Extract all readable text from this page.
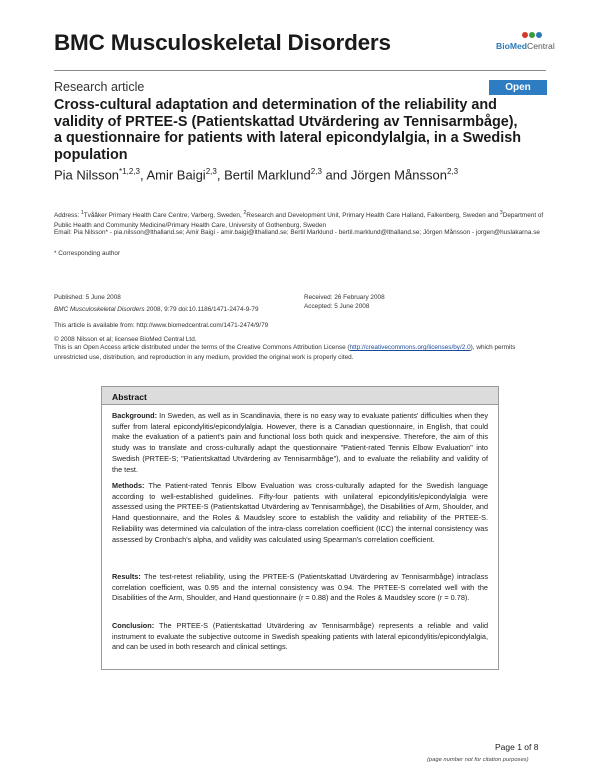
BMC Musculoskeletal Disorders	BioMedCentral
Research article	Open Access
Cross-cultural adaptation and determination of the reliability and validity of PRTEE-S (Patientskattad Utvärdering av Tennisarmbåge), a questionnaire for patients with lateral epicondylalgia, in a Swedish population
Pia Nilsson$^{*1,2,3}$, Amir Baigi$^{2,3}$, Bertil Marklund$^{2,3}$ and Jörgen Månsson$^{2,3}$
Address: $^1$Tvååker Primary Health Care Centre, Varberg, Sweden, $^2$Research and Development Unit, Primary Health Care Halland, Falkenberg, Sweden and $^3$Department of Public Health and Community Medicine/Primary Health Care, University of Gothenburg, Sweden
Email: Pia Nilsson* - pia.nilsson@lthalland.se; Amir Baigi - amir.baigi@lthalland.se; Bertil Marklund - bertil.marklund@lthalland.se; Jörgen Månsson - jorgen@huslakarna.se
* Corresponding author
Published: 5 June 2008
BMC Musculoskeletal Disorders 2008, 9:79 doi:10.1186/1471-2474-9-79
Received: 26 February 2008
Accepted: 5 June 2008
This article is available from: http://www.biomedcentral.com/1471-2474/9/79
© 2008 Nilsson et al; licensee BioMed Central Ltd.
This is an Open Access article distributed under the terms of the Creative Commons Attribution License (http://creativecommons.org/licenses/by/2.0), which permits unrestricted use, distribution, and reproduction in any medium, provided the original work is properly cited.
Abstract

Background: In Sweden, as well as in Scandinavia, there is no easy way to evaluate patients' difficulties when they suffer from lateral epicondylitis/epicondylalgia. However, there is a Canadian questionnaire, in English, that could make the evaluation of a patient's pain and functional loss both quick and inexpensive. Therefore, the aim of this study was to translate and cross-culturally adapt the questionnaire "Patient-rated Tennis Elbow Evaluation" into Swedish (PRTEE-S; "Patientskattad Utvärdering av Tennisarmbåge"), and to evaluate the reliability and validity of the test.

Methods: The Patient-rated Tennis Elbow Evaluation was cross-culturally adapted for the Swedish language according to well-established guidelines. Fifty-four patients with unilateral epicondylitis/epicondylalgia were assessed using the PRTEE-S (Patientskattad Utvärdering av Tennisarmbåge), the Disabilities of Arm, Shoulder, and Hand questionnaire, and the Roles & Maudsley score to establish the validity and reliability of the PRTEE-S. Reliability was determined via calculation of the intra-class correlation coefficient (ICC) the internal consistency was assessed by Cronbach's alpha, and validity was calculated using Spearman's correlation coefficient.

Results: The test-retest reliability, using the PRTEE-S (Patientskattad Utvärdering av Tennisarmbåge) intraclass correlation coefficient, was 0.95 and the internal consistency was 0.94. The PRTEE-S correlated well with the Disabilities of the Arm, Shoulder, and Hand questionnaire (r = 0.88) and the Roles & Maudsley score (r = 0.78).

Conclusion: The PRTEE-S (Patientskattad Utvärdering av Tennisarmbåge) represents a reliable and valid instrument to evaluate the subjective outcome in Swedish speaking patients with lateral epicondylitis/epicondylalgia, and can be used in both research and clinical settings.

Page 1 of 8
(page number not for citation purposes)
